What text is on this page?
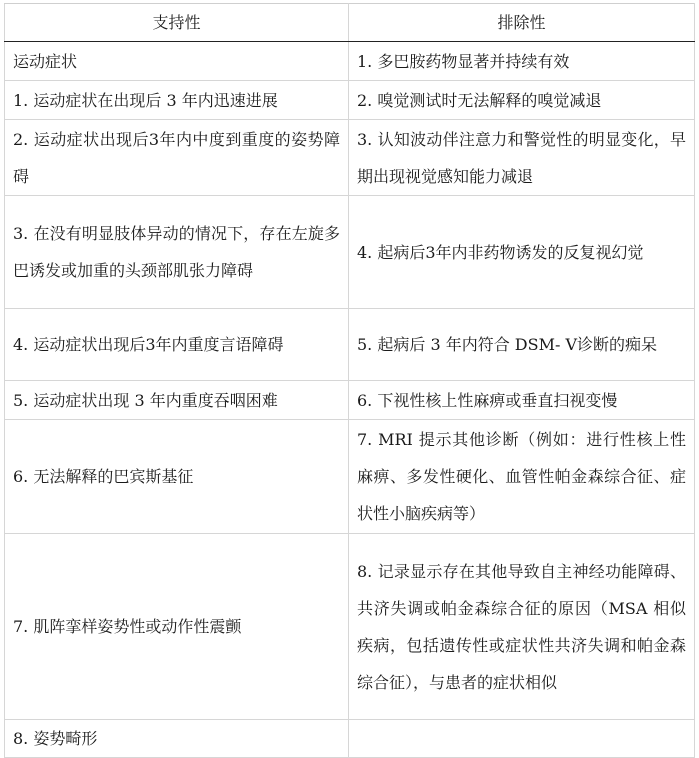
支持性	排除性
运动症状	1. 多巴胺药物显著并持续有效
1. 运动症状在出现后 3 年内迅速进展	2. 嗅觉测试时无法解释的嗅觉减退
2. 运动症状出现后3年内中度到重度的姿势障碍	3. 认知波动伴注意力和警觉性的明显变化，早期出现视觉感知能力减退
3. 在没有明显肢体异动的情况下，存在左旋多巴诱发或加重的头颈部肌张力障碍	4. 起病后3年内非药物诱发的反复视幻觉
4. 运动症状出现后3年内重度言语障碍	5. 起病后 3 年内符合 DSM- Ⅴ诊断的痴呆
5. 运动症状出现 3 年内重度吞咽困难	6. 下视性核上性麻痹或垂直扫视变慢
6. 无法解释的巴宾斯基征	7. MRI 提示其他诊断（例如：进行性核上性麻痹、多发性硬化、血管性帕金森综合征、症状性小脑疾病等）
7. 肌阵挛样姿势性或动作性震颤	8. 记录显示存在其他导致自主神经功能障碍、共济失调或帕金森综合征的原因（MSA 相似疾病，包括遗传性或症状性共济失调和帕金森综合征），与患者的症状相似
8. 姿势畸形	
